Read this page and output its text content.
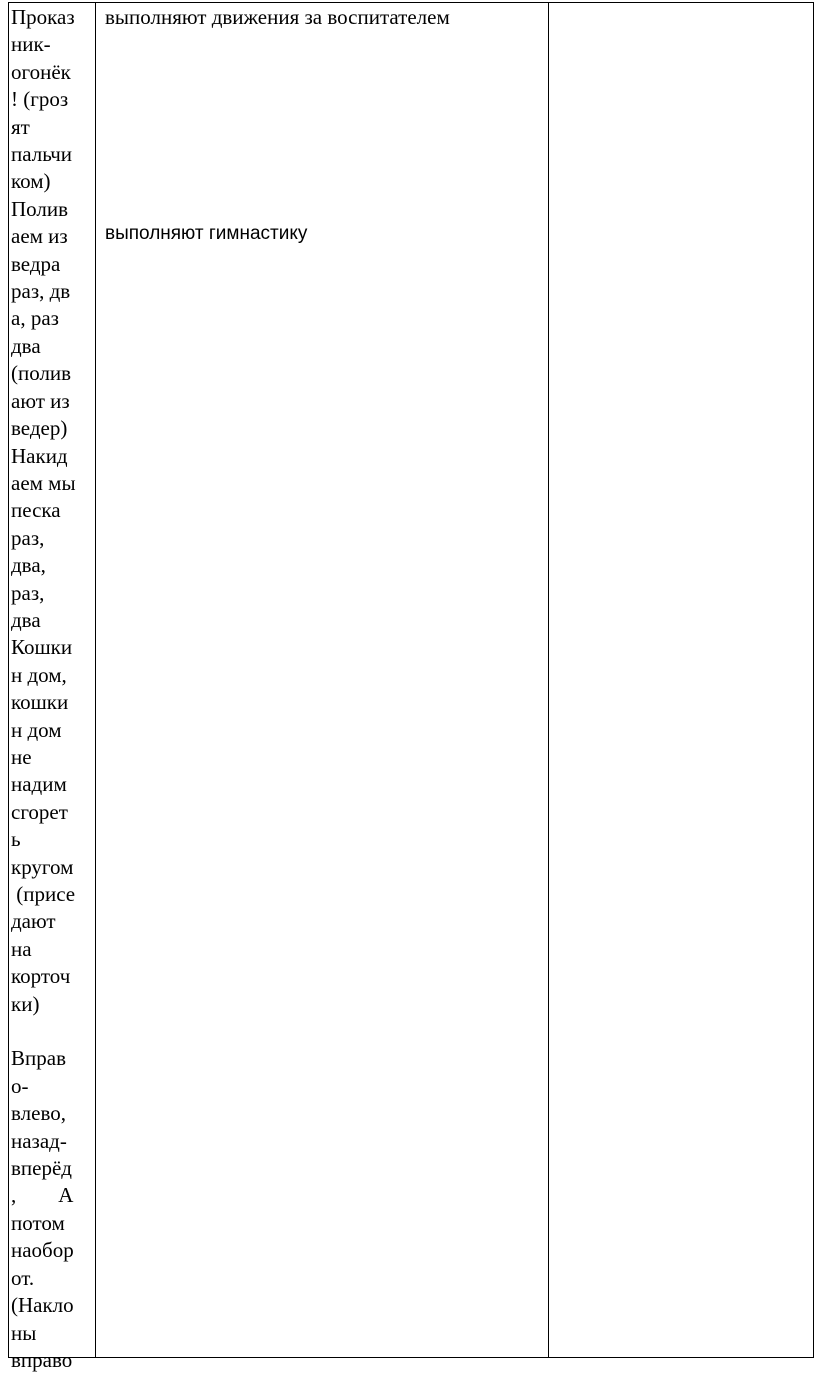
Проказ
ник-
огонёк
! (гроз
ят
пальчи
ком)
Полив
аем из
ведра
раз, дв
а, раз
два
(полив
ают из
ведер)
Накид
аем мы
песка
раз,
два,
раз,
два
Кошки
н дом,
кошки
н дом
не
надим
сгорет
ь
кругом
(присе
дают
на
корточ
ки)

Вправ
о-
влево,
назад-
вперёд
,        А
потом
наобор
от.
(Накло
ны
вправо
выполняют движения за воспитателем
выполняют гимнастику
